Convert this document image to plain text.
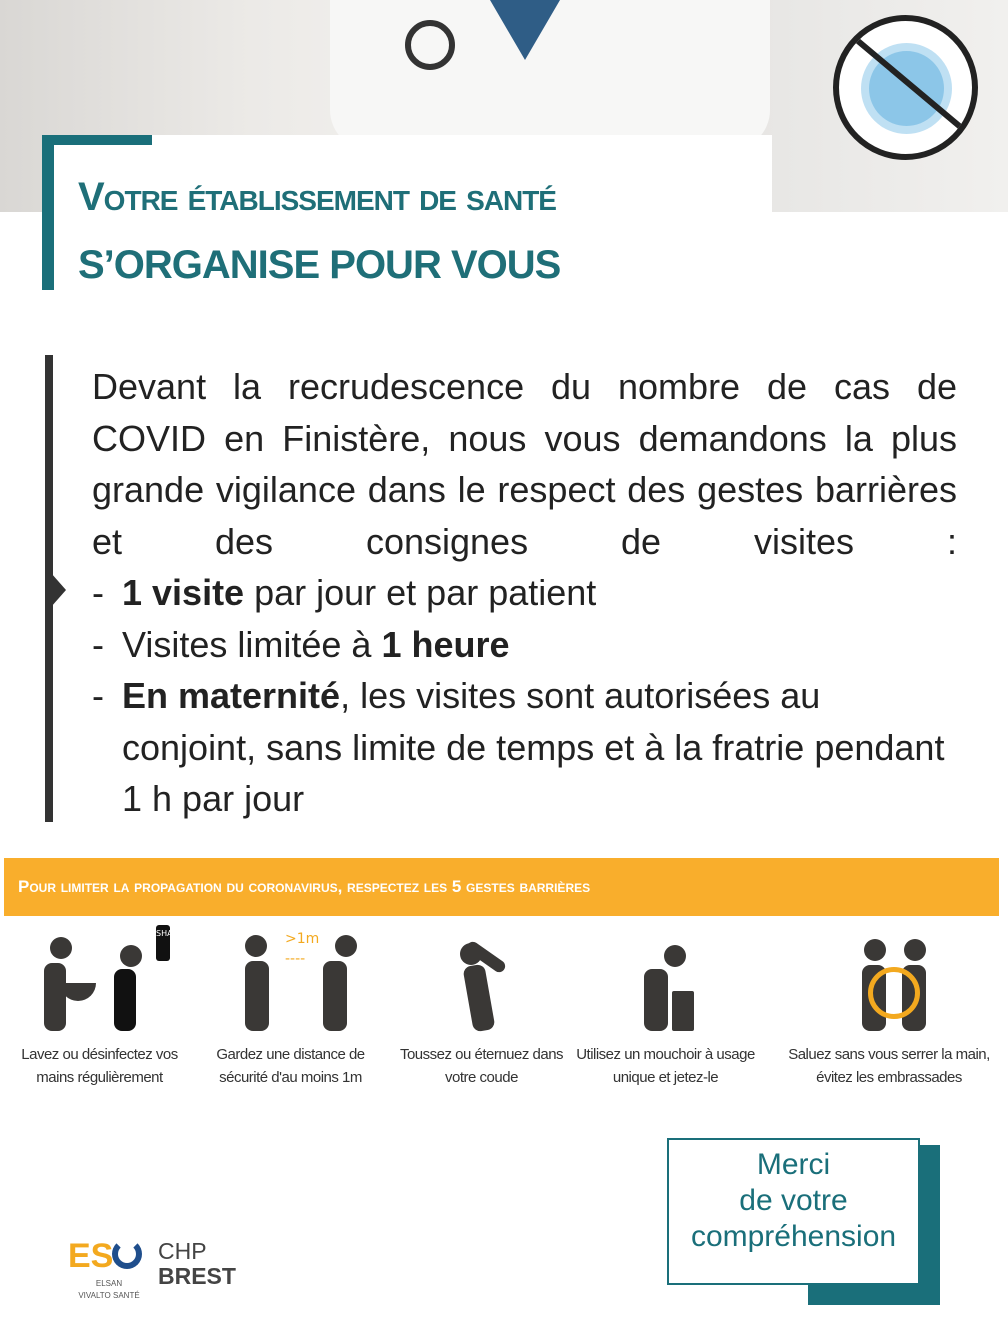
Votre établissement de santé
S’ORGANISE POUR VOUS
Devant la recrudescence du nombre de cas de COVID en Finistère, nous vous demandons la plus grande vigilance dans le respect des gestes barrières et des consignes de visites :
- 1 visite par jour et par patient
- Visites limitée à 1 heure
- En maternité, les visites sont autorisées au conjoint, sans limite de temps et à la fratrie pendant 1 h par jour
Pour limiter la propagation du coronavirus, respectez les 5 gestes barrières
SHA
Lavez ou désinfectez vos mains régulièrement
>1m
----
Gardez une distance de sécurité d'au moins 1m
Toussez ou éternuez dans votre coude
Utilisez un mouchoir à usage unique et jetez-le
Saluez sans vous serrer la main, évitez les embrassades
Merci
de votre
compréhension
ES
ELSAN
VIVALTO SANTÉ
CHP
BREST
